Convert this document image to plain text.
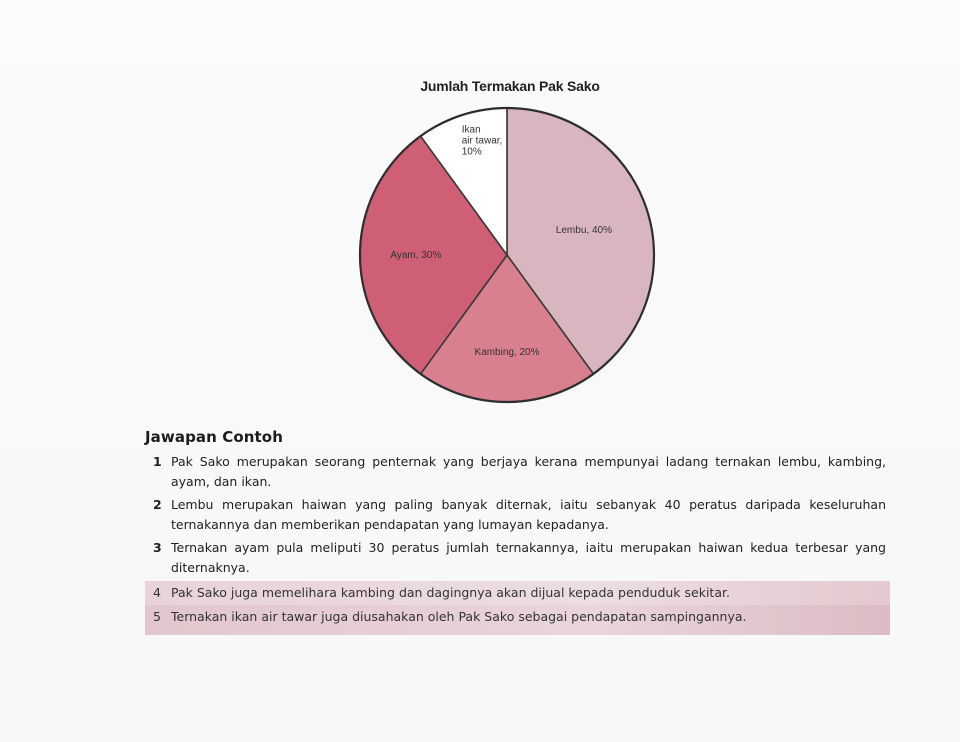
Jumlah Termakan Pak Sako
Lembu, 40%
Kambing, 20%
Ayam, 30%
Ikan
air tawar,
10%
Jawapan Contoh
1 Pak Sako merupakan seorang penternak yang berjaya kerana mempunyai ladang ternakan lembu, kambing, ayam, dan ikan.
2 Lembu merupakan haiwan yang paling banyak diternak, iaitu sebanyak 40 peratus daripada keseluruhan ternakannya dan memberikan pendapatan yang lumayan kepadanya.
3 Ternakan ayam pula meliputi 30 peratus jumlah ternakannya, iaitu merupakan haiwan kedua terbesar yang diternaknya.
4 Pak Sako juga memelihara kambing dan dagingnya akan dijual kepada penduduk sekitar.
5 Ternakan ikan air tawar juga diusahakan oleh Pak Sako sebagai pendapatan sampingannya.
